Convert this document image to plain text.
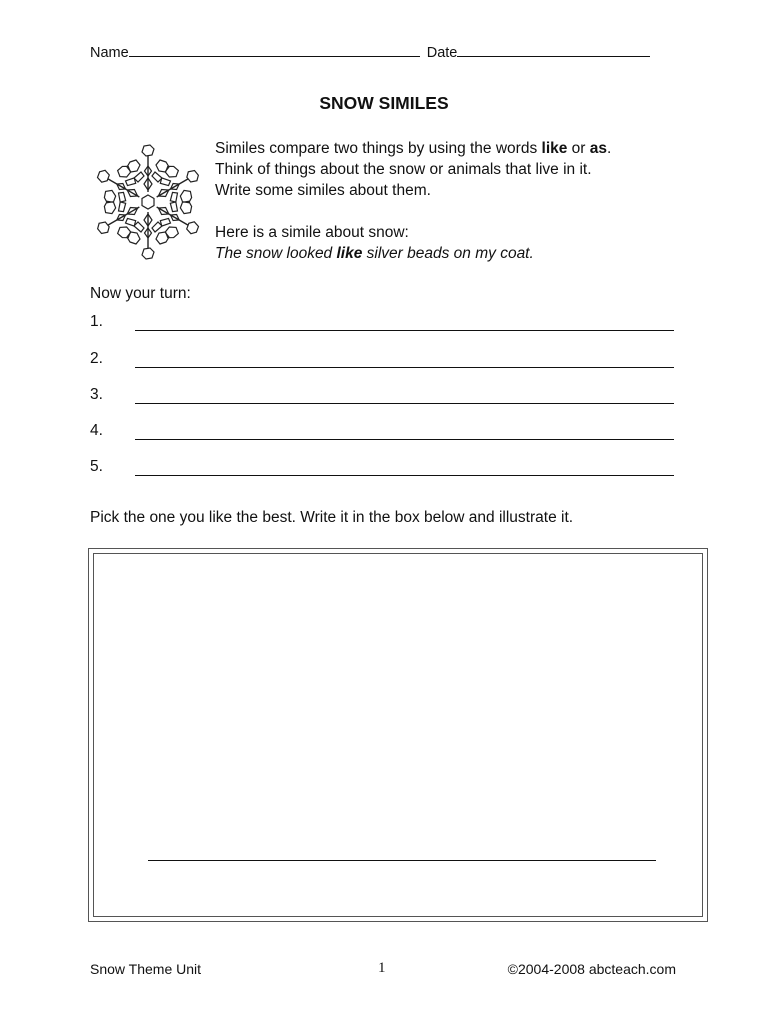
Name	Date
SNOW SIMILES

Similes compare two things by using the words like or as.

Think of things about the snow or animals that live in it.

Write some similes about them.

Here is a simile about snow:

The snow looked like silver beads on my coat.

Now your turn:
1.
2.
3.
4.
5.
Pick the one you like the best. Write it in the box below and illustrate it.
Snow Theme Unit	1	©2004-2008 abcteach.com
